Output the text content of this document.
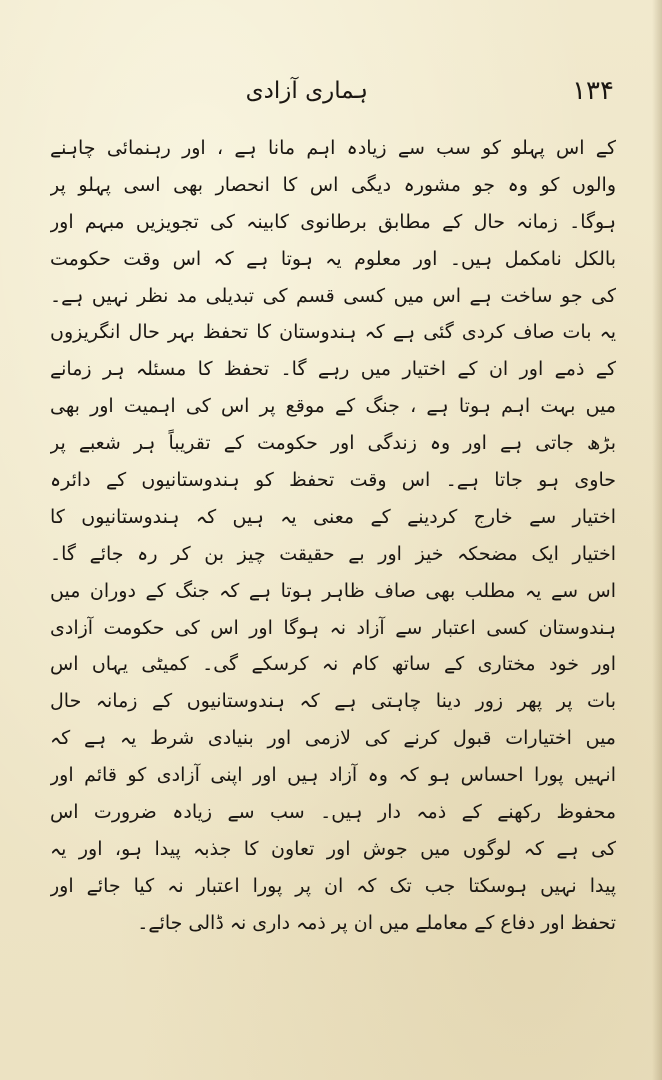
۱۳۴
ہماری آزادی
کے اس پہلو کو سب سے زیادہ اہم مانا ہے ، اور رہنمائی چاہنے
والوں کو وہ جو مشورہ دیگی اس کا انحصار بھی اسی پہلو پر
ہوگا۔ زمانہ حال کے مطابق برطانوی کابینہ کی تجویزیں مبہم اور
بالکل نامکمل ہیں۔ اور معلوم یہ ہوتا ہے کہ اس وقت حکومت
کی جو ساخت ہے اس میں کسی قسم کی تبدیلی مد نظر نہیں ہے۔
یہ بات صاف کردی گئی ہے کہ ہندوستان کا تحفظ بہر حال انگریزوں
کے ذمے اور ان کے اختیار میں رہے گا۔ تحفظ کا مسئلہ ہر زمانے
میں بہت اہم ہوتا ہے ، جنگ کے موقع پر اس کی اہمیت اور بھی
بڑھ جاتی ہے اور وہ زندگی اور حکومت کے تقریباً ہر شعبے پر
حاوی ہو جاتا ہے۔ اس وقت تحفظ کو ہندوستانیوں کے دائرہ
اختیار سے خارج کردینے کے معنی یہ ہیں کہ ہندوستانیوں کا
اختیار ایک مضحکہ خیز اور بے حقیقت چیز بن کر رہ جائے گا۔
اس سے یہ مطلب بھی صاف ظاہر ہوتا ہے کہ جنگ کے دوران میں
ہندوستان کسی اعتبار سے آزاد نہ ہوگا اور اس کی حکومت آزادی
اور خود مختاری کے ساتھ کام نہ کرسکے گی۔ کمیٹی یہاں اس
بات پر پھر زور دینا چاہتی ہے کہ ہندوستانیوں کے زمانہ حال
میں اختیارات قبول کرنے کی لازمی اور بنیادی شرط یہ ہے کہ
انہیں پورا احساس ہو کہ وہ آزاد ہیں اور اپنی آزادی کو قائم اور
محفوظ رکھنے کے ذمہ دار ہیں۔ سب سے زیادہ ضرورت اس
کی ہے کہ لوگوں میں جوش اور تعاون کا جذبہ پیدا ہو، اور یہ
پیدا نہیں ہوسکتا جب تک کہ ان پر پورا اعتبار نہ کیا جائے اور
تحفظ اور دفاع کے معاملے میں ان پر ذمہ داری نہ ڈالی جائے۔
